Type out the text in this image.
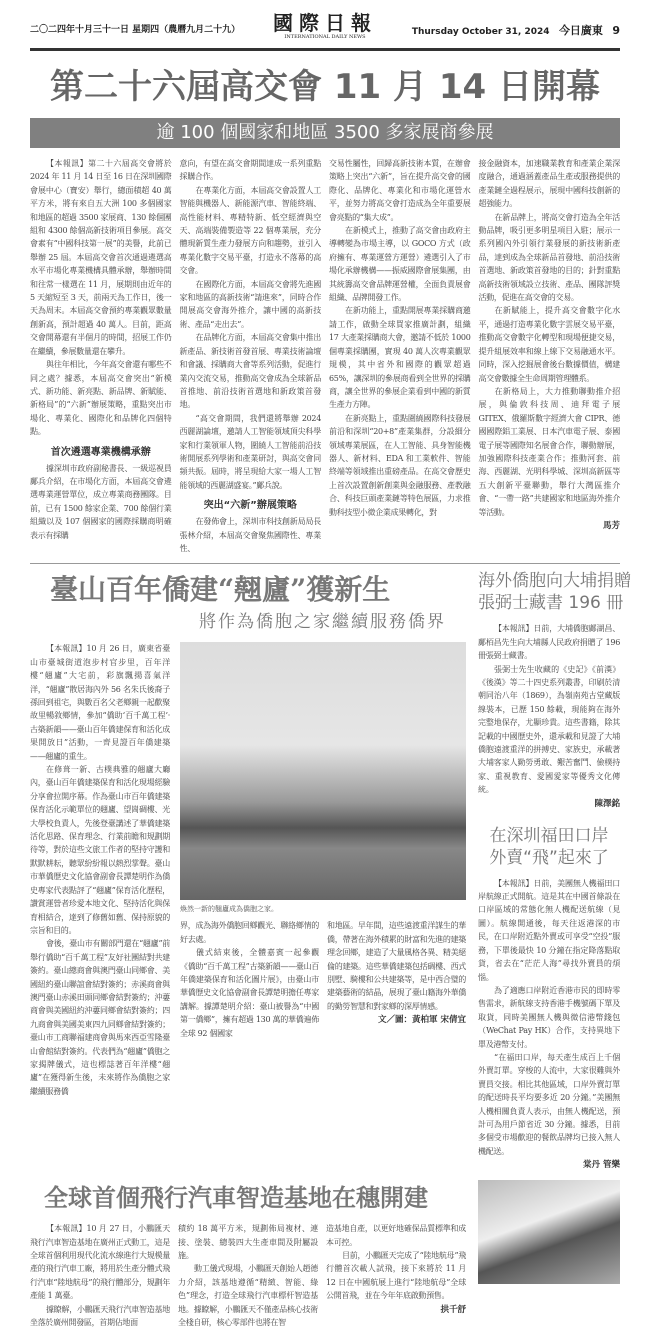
二〇二四年十月三十一日 星期四（農曆九月二十九）	國際日報
INTERNATIONAL DAILY NEWS	Thursday October 31, 2024 今日廣東 9
第二十六屆高交會 11 月 14 日開幕
逾 100 個國家和地區 3500 多家展商參展

【本報訊】第二十六屆高交會將於 2024 年 11 月 14 日至 16 日在深圳國際會展中心（寶安）舉行，總面積超 40 萬平方米，將有來自五大洲 100 多個國家和地區的超過 3500 家展商、130 餘個團組和 4300 餘個高新技術項目參展。高交會素有“中國科技第一展”的美譽，此前已舉辦 25 屆。本屆高交會首次通過遴選高水平市場化專業機構具體承辦，舉辦時間和往常一樣選在 11 月，展期則由近年的 5 天縮短至 3 天，前兩天為工作日，後一天為周末。本屆高交會預約專業觀眾數量創新高，預計超過 40 萬人。目前，距高交會開幕還有半個月的時間，招展工作仍在繼續，參展數量還在攀升。

與往年相比，今年高交會還有哪些不同之處？據悉，本屆高交會突出“新模式、新功能、新亮點、新品牌、新賦能、新格局”的“六新”辦展策略，重點突出市場化、專業化、國際化和品牌化四個特點。

首次遴選專業機構承辦

據深圳市政府副秘書長、一級巡視員鄺兵介紹，在市場化方面，本屆高交會遴選專業運營單位，成立專業商務團隊。目前，已有 1500 餘家企業、700 餘個行業組織以及 107 個國家的國際採購商明確表示有採購

意向，有望在高交會期間達成一系列重點採購合作。

在專業化方面，本屆高交會設置人工智能與機器人、新能源汽車、智能終端、高性能材料、專精特新、低空經濟與空天、高端裝備製造等 22 個專業展，充分體現新質生產力發展方向和趨勢，並引入專業化數字交易平臺，打造永不落幕的高交會。

在國際化方面，本屆高交會將先進國家和地區的高新技術“請進來”，同時合作開展高交會海外推介，讓中國的高新技術、產品“走出去”。

在品牌化方面，本屆高交會集中推出新產品、新技術首發首展、專業技術論壇和會議、採購商大會等系列活動，促進行業內交流交易，推動高交會成為全球新品首推地、前沿技術首選地和新政策首發地。

“高交會期間，我們還將舉辦 2024 西麗湖論壇，邀請人工智能領域頂尖科學家和行業領軍人物，圍繞人工智能前沿技術開展系列學術和產業研討，與高交會同頻共振。屆時，將呈現給大家一場人工智能領域的西麗湖盛宴。”鄺兵說。

突出“六新”辦展策略

在發佈會上，深圳市科技創新局局長張林介紹，本屆高交會聚焦國際性、專業性、

交易性屬性，回歸高新技術本質，在辦會策略上突出“六新”，旨在提升高交會的國際化、品牌化、專業化和市場化運營水平，並努力將高交會打造成為全年重要展會亮點的“集大成”。

在新模式上，推動了高交會由政府主導轉變為市場主導，以 GOCO 方式（政府擁有、專業運營方運營）遴選引入了市場化承辦機構——振威國際會展集團，由其統籌高交會品牌運營權，全面負責展會組織、品牌開發工作。

在新功能上，重點開展專業採購商邀請工作，啟動全球買家推廣計劃，組織 17 大產業採購商大會，邀請不低於 1000 個專業採購團，實現 40 萬人次專業觀眾規模，其中省外和國際的觀眾超過 65%，讓深圳的參展商看到全世界的採購商，讓全世界的參展企業看到中國的新質生產力方陣。

在新亮點上，重點圍繞國際科技發展前沿和深圳“20+8”產業集群，分設細分領域專業展區，在人工智能、具身智能機器人、新材料、EDA 和工業軟件、智能終端等領域推出重磅產品。在高交會歷史上首次設置創新創業與金融服務、產教融合、科技巨頭產業鏈等特色展區，力求推動科技型小微企業成果轉化，對

接金融資本，加速職業教育和產業企業深度融合，通過涵蓋產品生產或服務提供的產業鏈全過程展示，展現中國科技創新的超強能力。

在新品牌上，將高交會打造為全年活動品牌，吸引更多明星項目入駐；展示一系列國內外引領行業發展的新技術新產品，達到成為全球新品首發地、前沿技術首選地、新政策首發地的目的；針對重點高新技術領域設立技術、產品、團隊評獎活動，促進在高交會的交易。

在新賦能上，提升高交會數字化水平，通過打造專業化數字雲展交易平臺，推動高交會數字化轉型和現場便捷交易，提升組展效率和線上線下交易融通水平。同時，深入挖掘展會後台數據價值，構建高交會數據全生命周期管理體系。

在新格局上，大力推動聯動推介招展，與倫敦科技周、迪拜電子展 GITEX、俄羅斯數字經濟大會 CIPR、德國國際鋁工業展、日本汽車電子展、泰國電子展等國際知名展會合作，聯動辦展，加強國際科技產業合作；推動河套、前海、西麗湖、光明科學城、深圳高新區等五大創新平臺聯動，舉行大灣區推介會、“一帶一路”共建國家和地區海外推介等活動。

馬芳
臺山百年僑建“翹廬”獲新生
將作為僑胞之家繼續服務僑界

【本報訊】10 月 26 日，廣東省臺山市臺城街道泡步村官步里，百年洋樓“翹廬”大宅前，彩旗飄揚喜氣洋洋，“翹廬”散居海內外 56 名朱氏後裔子孫回到祖宅，與數百名父老鄉親一起歡聚故里暢敘鄉情，參加“僑助‘百千萬工程’·古築新韻——臺山百年僑建保育和活化成果開放日”活動，一齊見證百年僑建築——翹廬的重生。

在修葺一新、古樸典雅的翹廬大廳內，臺山百年僑建築保育和活化現場經驗分享會拉開序幕。作為臺山市百年僑建築保育活化示範單位的翹廬、望崗碉樓、光大學校負責人，先後登臺講述了華僑建築活化思路、保育理念、行業前瞻和規劃期待等，對於這些文旅工作者的堅持守護和默默耕耘，聽眾紛紛報以熱烈掌聲。臺山市華僑歷史文化協會副會長譚楚明作為僑史專家代表點評了“翹廬”保育活化歷程，讚賞運營者珍愛本地文化、堅持活化與保育相結合，達到了修舊如舊、保持原貌的宗旨和目的。

會後，臺山市有關部門還在“翹廬”前舉行僑助“百千萬工程”友好社團結對共建簽約。臺山總商會與澳門臺山同鄉會、美國紐約臺山聯誼會結對簽約；赤溪商會與澳門臺山赤溪田頭同鄉會結對簽約；沖蔞商會與美國紐約沖蔞同鄉會結對簽約；四九商會與美國美東四九同鄉會結對簽約；臺山市工商聯福建商會與馬來西亞雪隆臺山會館結對簽約。代表們為“翹廬”僑胞之家揭牌儀式，這也標誌著百年洋樓“翹廬”在獲得新生後，未來將作為僑胞之家繼續服務僑

煥然一新的翹廬成為僑胞之家。

界，成為海外僑胞回鄉觀光、聯絡鄉情的好去處。

儀式結束後，全體嘉賓一起參觀《僑助“百千萬工程”古築新韻——臺山百年僑建築保育和活化圖片展》，由臺山市華僑歷史文化協會副會長譚楚明擔任專家講解。據譚楚明介紹：臺山被譽為“中國第一僑鄉”，擁有超過 130 萬的華僑遍佈全球 92 個國家

和地區。早年間，這些遠渡重洋謀生的華僑，帶著在海外積累的財富和先進的建築理念回鄉，建造了大量風格各異、精美絕倫的建築。這些華僑建築包括碉樓、西式別墅、騎樓和公共建築等，是中西合璧的建築藝術的結晶，展現了臺山籍海外華僑的勤勞智慧和對家鄉的深厚情感。

文／圖：黃柏軍 宋倩宜
海外僑胞向大埔捐贈
張弼士藏書 196 冊

【本報訊】日前，大埔僑胞鄺湖昌、鄺栢昌先生向大埔縣人民政府捐贈了 196 冊張弼士藏書。

張弼士先生收藏的《史記》《前漢》《後漢》等二十四史系列叢書，印刷於清朝同治八年（1869），為嶺南苑古堂藏版線裝本，已歷 150 餘載，現能夠在海外完整地保存，尤顯珍貴。這些書籍，除其記載的中國歷史外，還承載和見證了大埔僑胞遠渡重洋的拼搏史、家族史，承載著大埔客家人勤勞勇敢、艱苦奮鬥、儉樸持家、重視教育、愛國愛家等優秀文化傳統。

陳澤銘
在深圳福田口岸
外賣“飛”起來了

【本報訊】日前，美團無人機福田口岸航線正式開航。這是其在中國首條設在口岸區域的常態化無人機配送航線（見圖）。航線開通後，每天往返港深的市民，在口岸附近點外賣或可享受“空投”服務，下單後最快 10 分鐘在指定降落點取貨，省去在“茫茫人海”尋找外賣員的煩惱。

為了適應口岸附近香港市民的即時零售需求，新航線支持香港手機號碼下單及取貨，同時美團無人機與微信港幣錢包（WeChat Pay HK）合作，支持異地下單及港幣支付。

“在福田口岸，每天產生成百上千個外賣訂單。穿梭的人流中，大家很難與外賣員交接。相比其他區域，口岸外賣訂單的配送時長平均要多近 20 分鐘。”美團無人機相關負責人表示，由無人機配送，預計可為用戶節省近 30 分鐘。據悉，目前多個受市場歡迎的餐飲品牌均已接入無人機配送。

棠丹 管樂
全球首個飛行汽車智造基地在穗開建

【本報訊】10 月 27 日，小鵬匯天飛行汽車智造基地在廣州正式動工，這是全球首個利用現代化流水線進行大規模量產的飛行汽車工廠，將用於生產分體式飛行汽車“陸地航母”的飛行體部分，規劃年產能 1 萬臺。

據瞭解，小鵬匯天飛行汽車智造基地坐落於廣州開發區，首期佔地面

積約 18 萬平方米，規劃佈局複材、連接、塗裝、總裝四大生產車間及附屬設施。

動工儀式現場，小鵬匯天創始人趙德力介紹，該基地遵循“精緻、智能、綠色”理念，打造全球飛行汽車標杆智造基地。據瞭解，小鵬匯天不僅產品核心技術全棧自研，核心零部件也將在智

造基地自產，以更好地確保品質標準和成本可控。

目前，小鵬匯天完成了“陸地航母”飛行體首次載人試飛，接下來將於 11 月 12 日在中國航展上進行“陸地航母”全球公開首飛，並在今年年底啟動預售。

拱千舒
